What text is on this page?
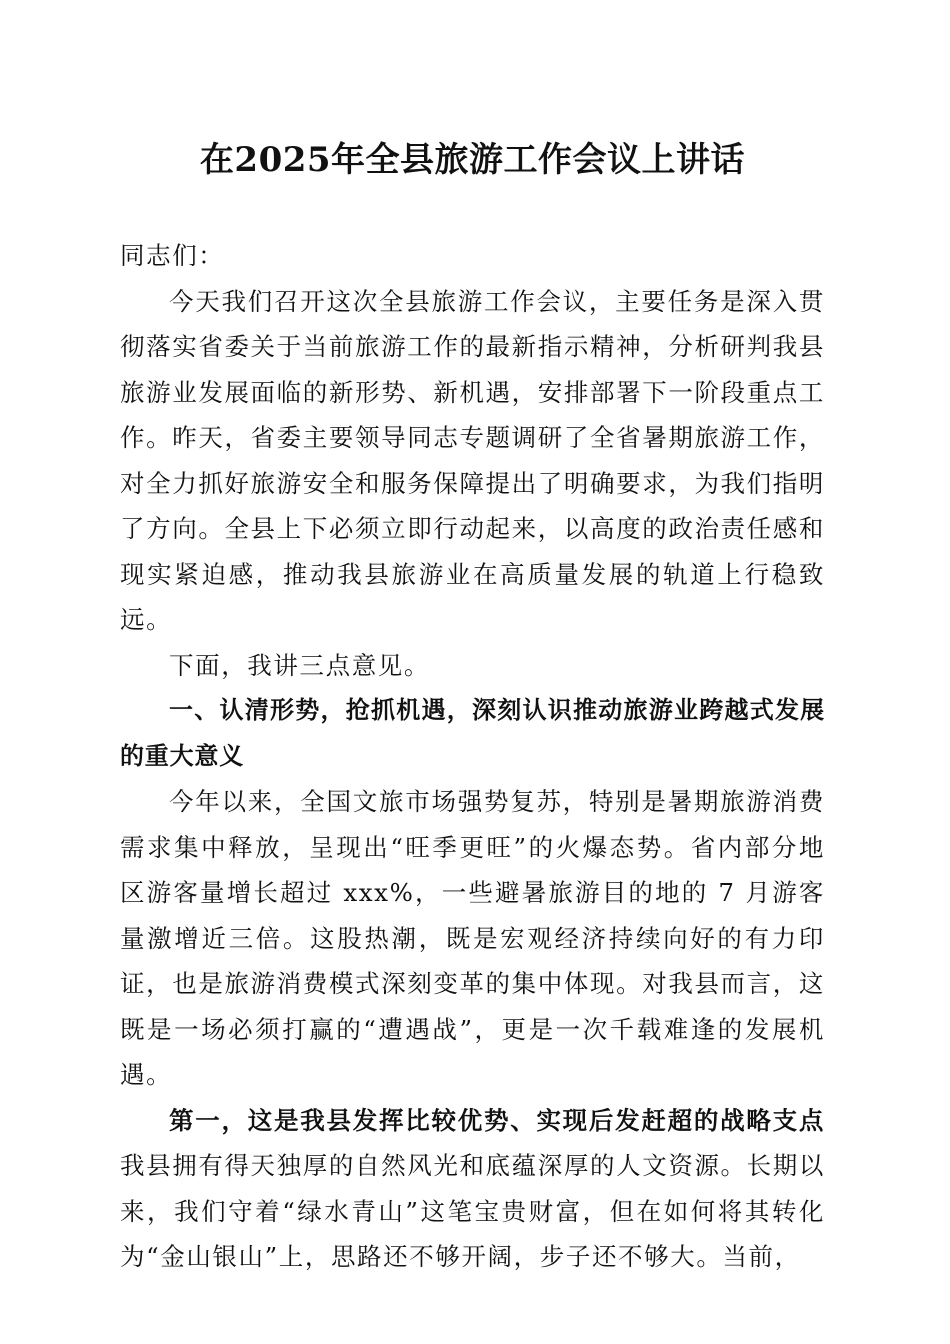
在2025年全县旅游工作会议上讲话

同志们：

今天我们召开这次全县旅游工作会议，主要任务是深入贯彻落实省委关于当前旅游工作的最新指示精神，分析研判我县旅游业发展面临的新形势、新机遇，安排部署下一阶段重点工作。昨天，省委主要领导同志专题调研了全省暑期旅游工作，对全力抓好旅游安全和服务保障提出了明确要求，为我们指明了方向。全县上下必须立即行动起来，以高度的政治责任感和现实紧迫感，推动我县旅游业在高质量发展的轨道上行稳致远。

下面，我讲三点意见。

一、认清形势，抢抓机遇，深刻认识推动旅游业跨越式发展的重大意义

今年以来，全国文旅市场强势复苏，特别是暑期旅游消费需求集中释放，呈现出“旺季更旺”的火爆态势。省内部分地区游客量增长超过 xxx%，一些避暑旅游目的地的 7 月游客量激增近三倍。这股热潮，既是宏观经济持续向好的有力印证，也是旅游消费模式深刻变革的集中体现。对我县而言，这既是一场必须打赢的“遭遇战”，更是一次千载难逢的发展机遇。

第一，这是我县发挥比较优势、实现后发赶超的战略支点我县拥有得天独厚的自然风光和底蕴深厚的人文资源。长期以来，我们守着“绿水青山”这笔宝贵财富，但在如何将其转化为“金山银山”上，思路还不够开阔，步子还不够大。当前，
